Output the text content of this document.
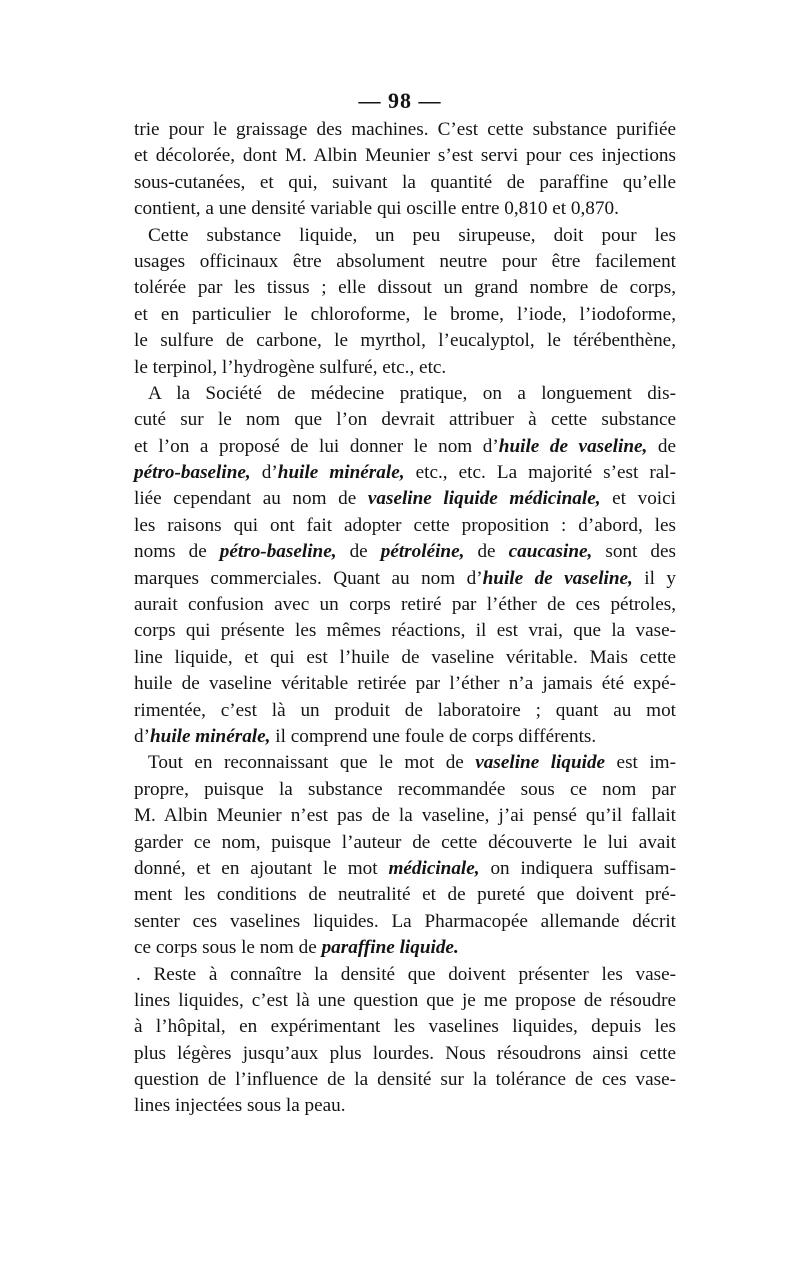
— 98 —
trie pour le graissage des machines. C’est cette substance purifiée
et décolorée, dont M. Albin Meunier s’est servi pour ces injections
sous-cutanées, et qui, suivant la quantité de paraffine qu’elle
contient, a une densité variable qui oscille entre 0,810 et 0,870.
Cette substance liquide, un peu sirupeuse, doit pour les
usages officinaux être absolument neutre pour être facilement
tolérée par les tissus ; elle dissout un grand nombre de corps,
et en particulier le chloroforme, le brome, l’iode, l’iodoforme,
le sulfure de carbone, le myrthol, l’eucalyptol, le térébenthène,
le terpinol, l’hydrogène sulfuré, etc., etc.
A la Société de médecine pratique, on a longuement dis-
cuté sur le nom que l’on devrait attribuer à cette substance
et l’on a proposé de lui donner le nom d’huile de vaseline, de
pétro-baseline, d’huile minérale, etc., etc. La majorité s’est ral-
liée cependant au nom de vaseline liquide médicinale, et voici
les raisons qui ont fait adopter cette proposition : d’abord, les
noms de pétro-baseline, de pétroléine, de caucasine, sont des
marques commerciales. Quant au nom d’huile de vaseline, il y
aurait confusion avec un corps retiré par l’éther de ces pétroles,
corps qui présente les mêmes réactions, il est vrai, que la vase-
line liquide, et qui est l’huile de vaseline véritable. Mais cette
huile de vaseline véritable retirée par l’éther n’a jamais été expé-
rimentée, c’est là un produit de laboratoire ; quant au mot
d’huile minérale, il comprend une foule de corps différents.
Tout en reconnaissant que le mot de vaseline liquide est im-
propre, puisque la substance recommandée sous ce nom par
M. Albin Meunier n’est pas de la vaseline, j’ai pensé qu’il fallait
garder ce nom, puisque l’auteur de cette découverte le lui avait
donné, et en ajoutant le mot médicinale, on indiquera suffisam-
ment les conditions de neutralité et de pureté que doivent pré-
senter ces vaselines liquides. La Pharmacopée allemande décrit
ce corps sous le nom de paraffine liquide.
. Reste à connaître la densité que doivent présenter les vase-
lines liquides, c’est là une question que je me propose de résoudre
à l’hôpital, en expérimentant les vaselines liquides, depuis les
plus légères jusqu’aux plus lourdes. Nous résoudrons ainsi cette
question de l’influence de la densité sur la tolérance de ces vase-
lines injectées sous la peau.
